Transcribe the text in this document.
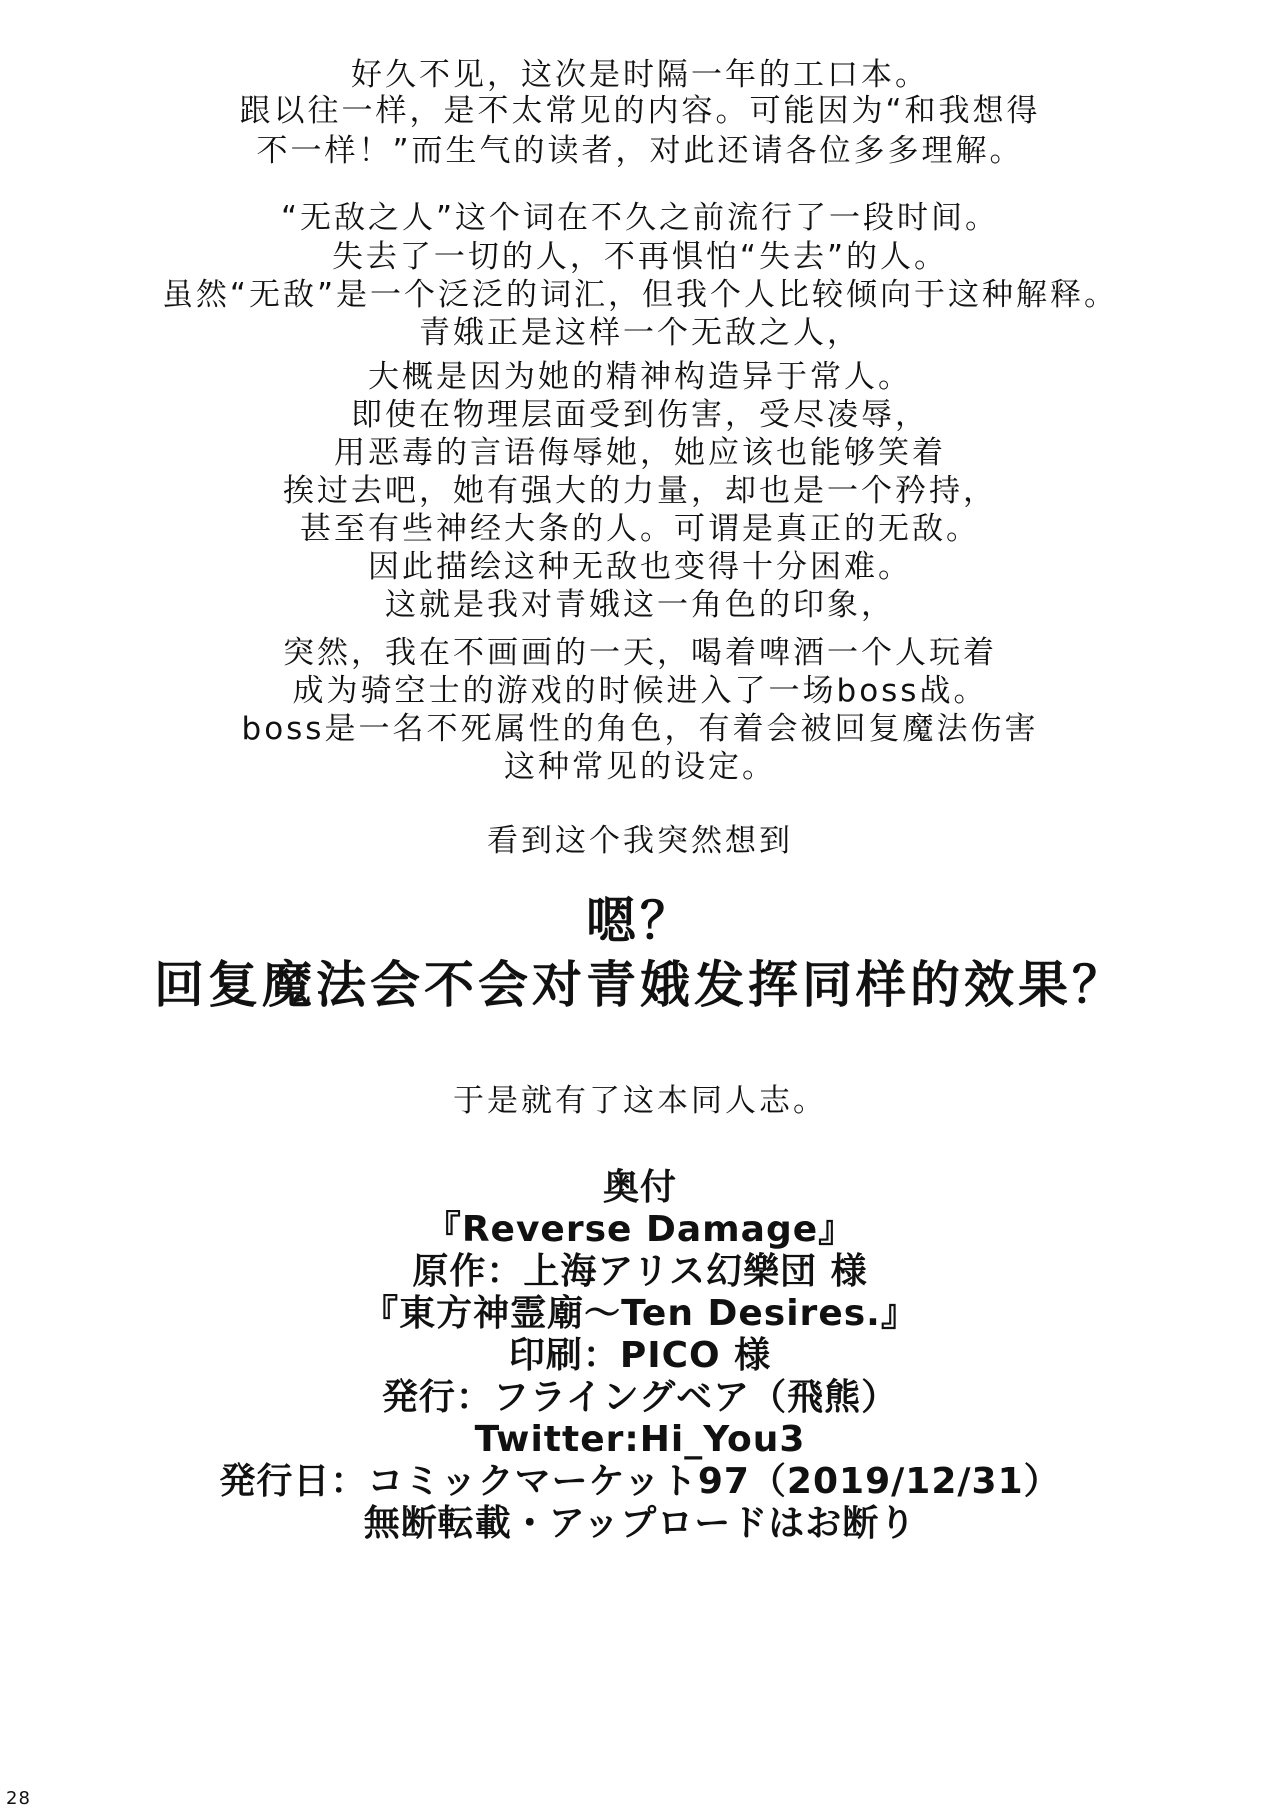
好久不见，这次是时隔一年的工口本。
跟以往一样，是不太常见的内容。可能因为“和我想得
不一样！”而生气的读者，对此还请各位多多理解。
“无敌之人”这个词在不久之前流行了一段时间。
失去了一切的人，不再惧怕“失去”的人。
虽然“无敌”是一个泛泛的词汇，但我个人比较倾向于这种解释。
青娥正是这样一个无敌之人，
大概是因为她的精神构造异于常人。
即使在物理层面受到伤害，受尽凌辱，
用恶毒的言语侮辱她，她应该也能够笑着
挨过去吧，她有强大的力量，却也是一个矜持，
甚至有些神经大条的人。可谓是真正的无敌。
因此描绘这种无敌也变得十分困难。
这就是我对青娥这一角色的印象，
突然，我在不画画的一天，喝着啤酒一个人玩着
成为骑空士的游戏的时候进入了一场boss战。
boss是一名不死属性的角色，有着会被回复魔法伤害
这种常见的设定。
看到这个我突然想到
嗯？
回复魔法会不会对青娥发挥同样的效果？
于是就有了这本同人志。
奥付
『Reverse Damage』
原作：上海アリス幻樂団 様
『東方神霊廟～Ten Desires.』
印刷：PICO 様
発行：フライングベア（飛熊）
Twitter:Hi_You3
発行日：コミックマーケット97（2019/12/31）
無断転載・アップロードはお断り
28
